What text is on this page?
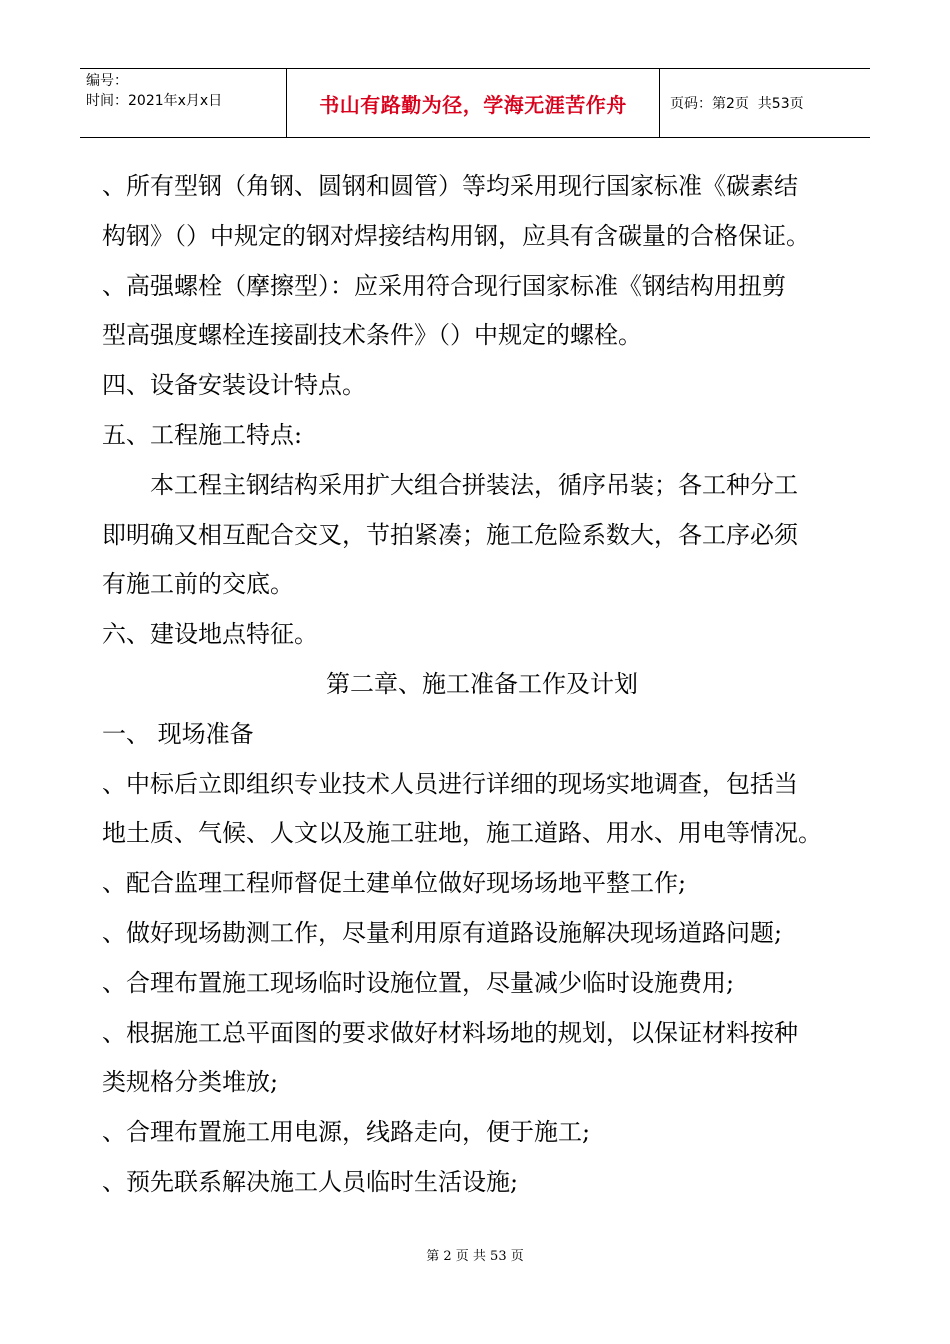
编号：
时间：2021年x月x日	书山有路勤为径，学海无涯苦作舟	页码：第2页  共53页
、所有型钢（角钢、圆钢和圆管）等均采用现行国家标准《碳素结
构钢》（）中规定的钢对焊接结构用钢，应具有含碳量的合格保证。
、高强螺栓（摩擦型）：应采用符合现行国家标准《钢结构用扭剪
型高强度螺栓连接副技术条件》（）中规定的螺栓。
四、设备安装设计特点。
五、工程施工特点:
本工程主钢结构采用扩大组合拼装法，循序吊装；各工种分工
即明确又相互配合交叉，节拍紧凑；施工危险系数大，各工序必须
有施工前的交底。
六、建设地点特征。
第二章、施工准备工作及计划
一、 现场准备
、中标后立即组织专业技术人员进行详细的现场实地调查，包括当
地土质、气候、人文以及施工驻地，施工道路、用水、用电等情况。
、配合监理工程师督促土建单位做好现场场地平整工作;
、做好现场勘测工作，尽量利用原有道路设施解决现场道路问题;
、合理布置施工现场临时设施位置，尽量减少临时设施费用;
、根据施工总平面图的要求做好材料场地的规划，以保证材料按种
类规格分类堆放;
、合理布置施工用电源，线路走向，便于施工;
、预先联系解决施工人员临时生活设施;
第 2 页 共 53 页
